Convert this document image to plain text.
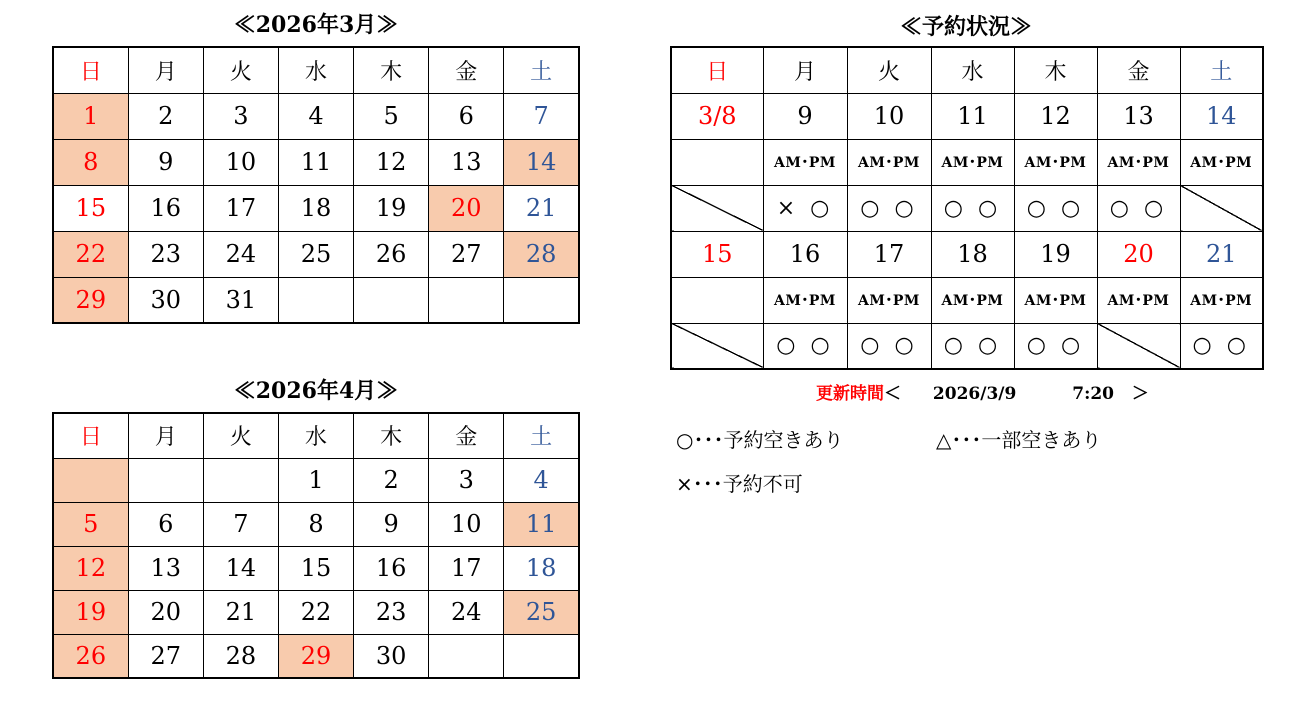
≪2026年3月≫
日	月	火	水	木	金	土
1	2	3	4	5	6	7
8	9	10	11	12	13	14
15	16	17	18	19	20	21
22	23	24	25	26	27	28
29	30	31				
≪2026年4月≫
日	月	火	水	木	金	土
			1	2	3	4
5	6	7	8	9	10	11
12	13	14	15	16	17	18
19	20	21	22	23	24	25
26	27	28	29	30		
≪予約状況≫
日	月	火	水	木	金	土
3/8	9	10	11	12	13	14
	AM･PM	AM･PM	AM･PM	AM･PM	AM･PM	AM･PM
	× ○	○ ○	○ ○	○ ○	○ ○	
15	16	17	18	19	20	21
	AM･PM	AM･PM	AM･PM	AM･PM	AM･PM	AM･PM
	○ ○	○ ○	○ ○	○ ○		○ ○
更新時間＜ 2026/3/9	7:20 ＞
○･･･予約空きあり	△･･･一部空きあり
×･･･予約不可
